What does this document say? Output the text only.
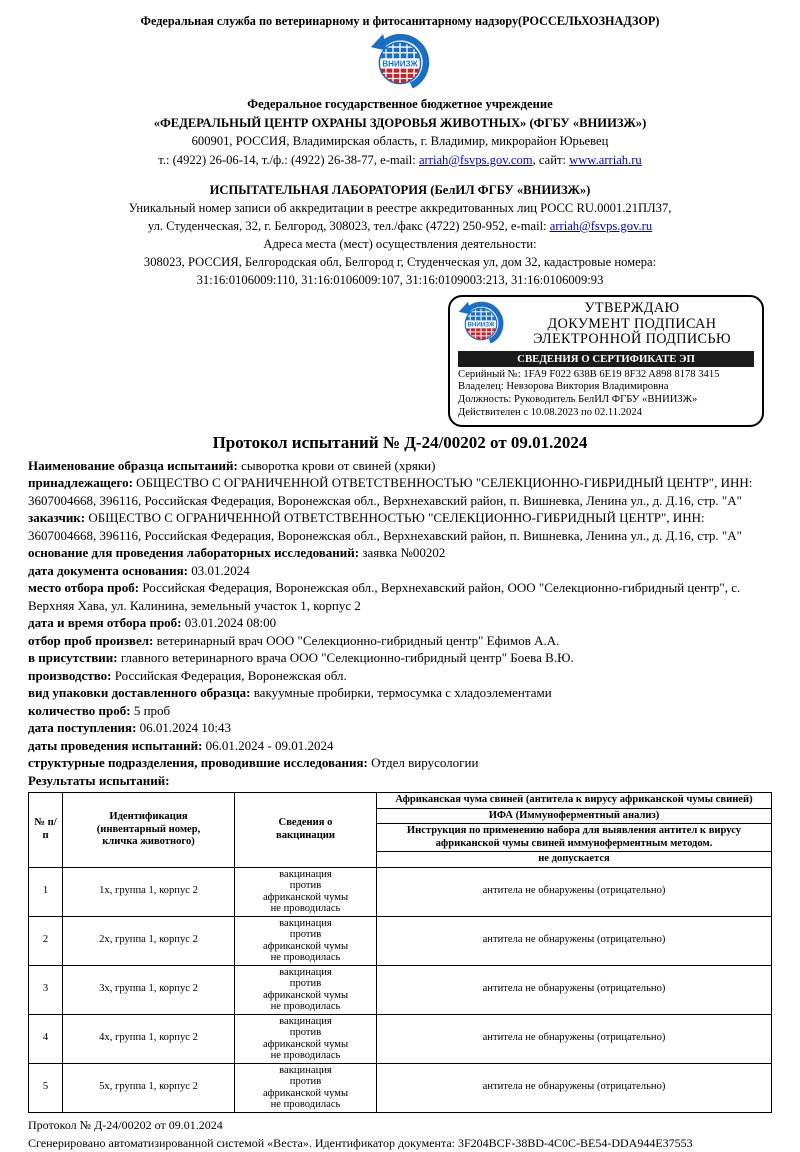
Федеральная служба по ветеринарному и фитосанитарному надзору(РОССЕЛЬХОЗНАДЗОР)
ВНИИЗЖ
Федеральное государственное бюджетное учреждение
«ФЕДЕРАЛЬНЫЙ ЦЕНТР ОХРАНЫ ЗДОРОВЬЯ ЖИВОТНЫХ» (ФГБУ «ВНИИЗЖ»)
600901, РОССИЯ, Владимирская область, г. Владимир, микрорайон Юрьевец
т.: (4922) 26-06-14, т./ф.: (4922) 26-38-77, e-mail: arriah@fsvps.gov.com, сайт: www.arriah.ru
ИСПЫТАТЕЛЬНАЯ ЛАБОРАТОРИЯ (БелИЛ ФГБУ «ВНИИЗЖ»)
Уникальный номер записи об аккредитации в реестре аккредитованных лиц РОСС RU.0001.21ПЛ37,
ул. Студенческая, 32, г. Белгород, 308023, тел./факс (4722) 250-952, e-mail: arriah@fsvps.gov.ru
Адреса места (мест) осуществления деятельности:
308023, РОССИЯ, Белгородская обл, Белгород г, Студенческая ул, дом 32, кадастровые номера:
31:16:0106009:110, 31:16:0106009:107, 31:16:0109003:213, 31:16:0106009:93
ВНИИЗЖ
УТВЕРЖДАЮ
ДОКУМЕНТ ПОДПИСАН
ЭЛЕКТРОННОЙ ПОДПИСЬЮ
СВЕДЕНИЯ О СЕРТИФИКАТЕ ЭП
Серийный №: 1FA9 F022 638B 6E19 8F32 A898 8178 3415
Владелец: Невзорова Виктория Владимировна
Должность: Руководитель БелИЛ ФГБУ «ВНИИЗЖ»
Действителен с 10.08.2023 по 02.11.2024
Протокол испытаний № Д-24/00202 от 09.01.2024
Наименование образца испытаний: сыворотка крови от свиней (хряки)
принадлежащего: ОБЩЕСТВО С ОГРАНИЧЕННОЙ ОТВЕТСТВЕННОСТЬЮ "СЕЛЕКЦИОННО-ГИБРИДНЫЙ ЦЕНТР", ИНН: 3607004668, 396116, Российская Федерация, Воронежская обл., Верхнехавский район, п. Вишневка, Ленина ул., д. Д.16, стр. "А"
заказчик: ОБЩЕСТВО С ОГРАНИЧЕННОЙ ОТВЕТСТВЕННОСТЬЮ "СЕЛЕКЦИОННО-ГИБРИДНЫЙ ЦЕНТР", ИНН: 3607004668, 396116, Российская Федерация, Воронежская обл., Верхнехавский район, п. Вишневка, Ленина ул., д. Д.16, стр. "А"
основание для проведения лабораторных исследований: заявка №00202
дата документа основания: 03.01.2024
место отбора проб: Российская Федерация, Воронежская обл., Верхнехавский район, ООО "Селекционно-гибридный центр", с. Верхняя Хава, ул. Калинина, земельный участок 1, корпус 2
дата и время отбора проб: 03.01.2024 08:00
отбор проб произвел: ветеринарный врач ООО "Селекционно-гибридный центр" Ефимов А.А.
в присутствии: главного ветеринарного врача ООО "Селекционно-гибридный центр" Боева В.Ю.
производство: Российская Федерация, Воронежская обл.
вид упаковки доставленного образца: вакуумные пробирки, термосумка с хладоэлементами
количество проб: 5 проб
дата поступления: 06.01.2024 10:43
даты проведения испытаний: 06.01.2024 - 09.01.2024
структурные подразделения, проводившие исследования: Отдел вирусологии
Результаты испытаний:
№ п/п	Идентификация (инвентарный номер, кличка животного)	Сведения о вакцинации	Африканская чума свиней (антитела к вирусу африканской чумы свиней)
			ИФА (Иммуноферментный анализ)
			Инструкция по применению набора для выявления антител к вирусу африканской чумы свиней иммуноферментным методом.
			не допускается
1	1х, группа 1, корпус 2	вакцинация против африканской чумы не проводилась	антитела не обнаружены (отрицательно)
2	2х, группа 1, корпус 2	вакцинация против африканской чумы не проводилась	антитела не обнаружены (отрицательно)
3	3х, группа 1, корпус 2	вакцинация против африканской чумы не проводилась	антитела не обнаружены (отрицательно)
4	4х, группа 1, корпус 2	вакцинация против африканской чумы не проводилась	антитела не обнаружены (отрицательно)
5	5х, группа 1, корпус 2	вакцинация против африканской чумы не проводилась	антитела не обнаружены (отрицательно)
Протокол № Д-24/00202 от 09.01.2024
Сгенерировано автоматизированной системой «Веста». Идентификатор документа: 3F204BCF-38BD-4C0C-BE54-DDA944E37553
